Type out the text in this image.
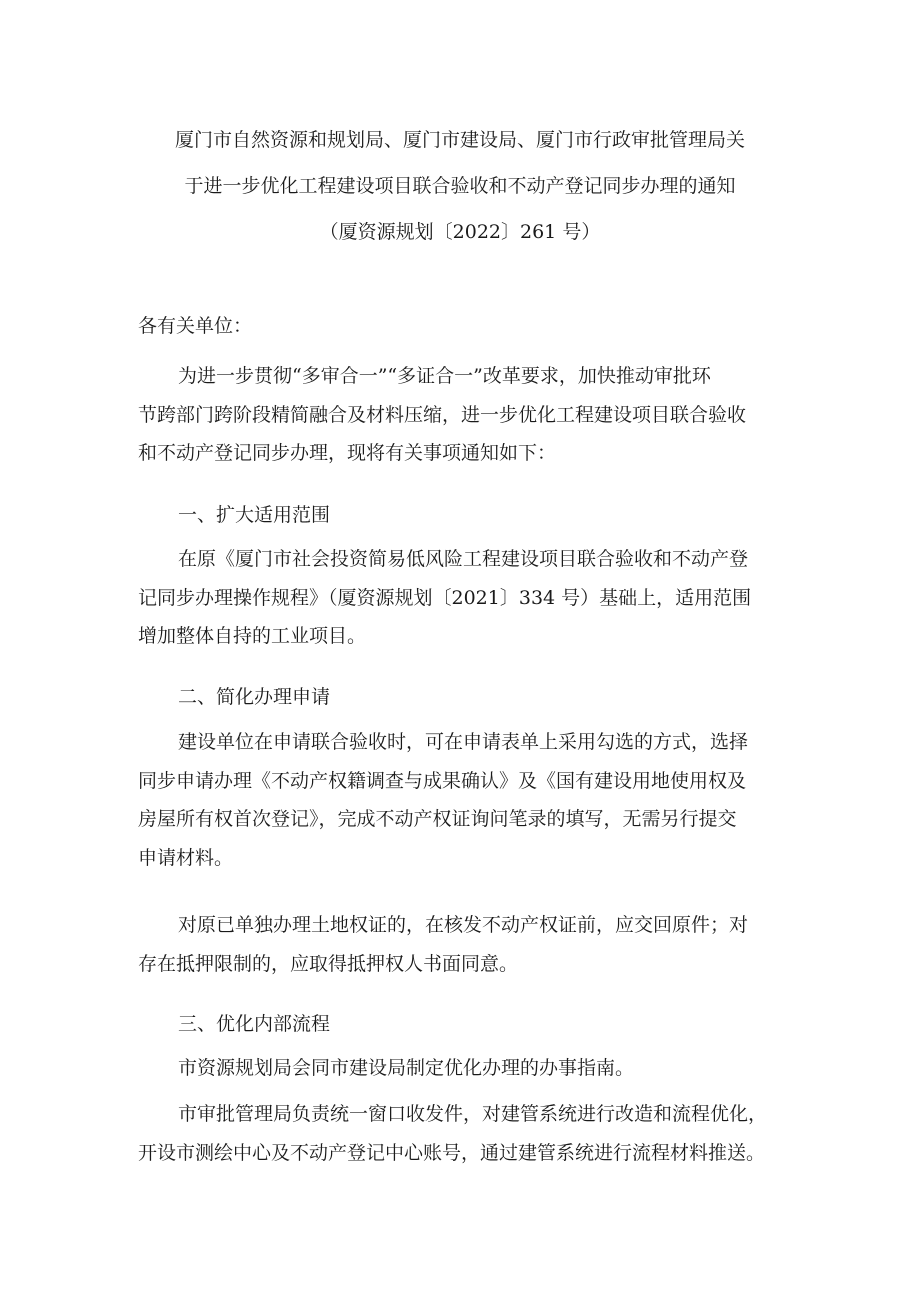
厦门市自然资源和规划局、厦门市建设局、厦门市行政审批管理局关
于进一步优化工程建设项目联合验收和不动产登记同步办理的通知
（厦资源规划〔2022〕261 号）
各有关单位：
为进一步贯彻“多审合一”“多证合一”改革要求，加快推动审批环
节跨部门跨阶段精简融合及材料压缩，进一步优化工程建设项目联合验收
和不动产登记同步办理，现将有关事项通知如下：
一、扩大适用范围
在原《厦门市社会投资简易低风险工程建设项目联合验收和不动产登
记同步办理操作规程》（厦资源规划〔2021〕334 号）基础上，适用范围
增加整体自持的工业项目。
二、简化办理申请
建设单位在申请联合验收时，可在申请表单上采用勾选的方式，选择
同步申请办理《不动产权籍调查与成果确认》及《国有建设用地使用权及
房屋所有权首次登记》，完成不动产权证询问笔录的填写，无需另行提交
申请材料。
对原已单独办理土地权证的，在核发不动产权证前，应交回原件；对
存在抵押限制的，应取得抵押权人书面同意。
三、优化内部流程
市资源规划局会同市建设局制定优化办理的办事指南。
市审批管理局负责统一窗口收发件，对建管系统进行改造和流程优化，
开设市测绘中心及不动产登记中心账号，通过建管系统进行流程材料推送。
